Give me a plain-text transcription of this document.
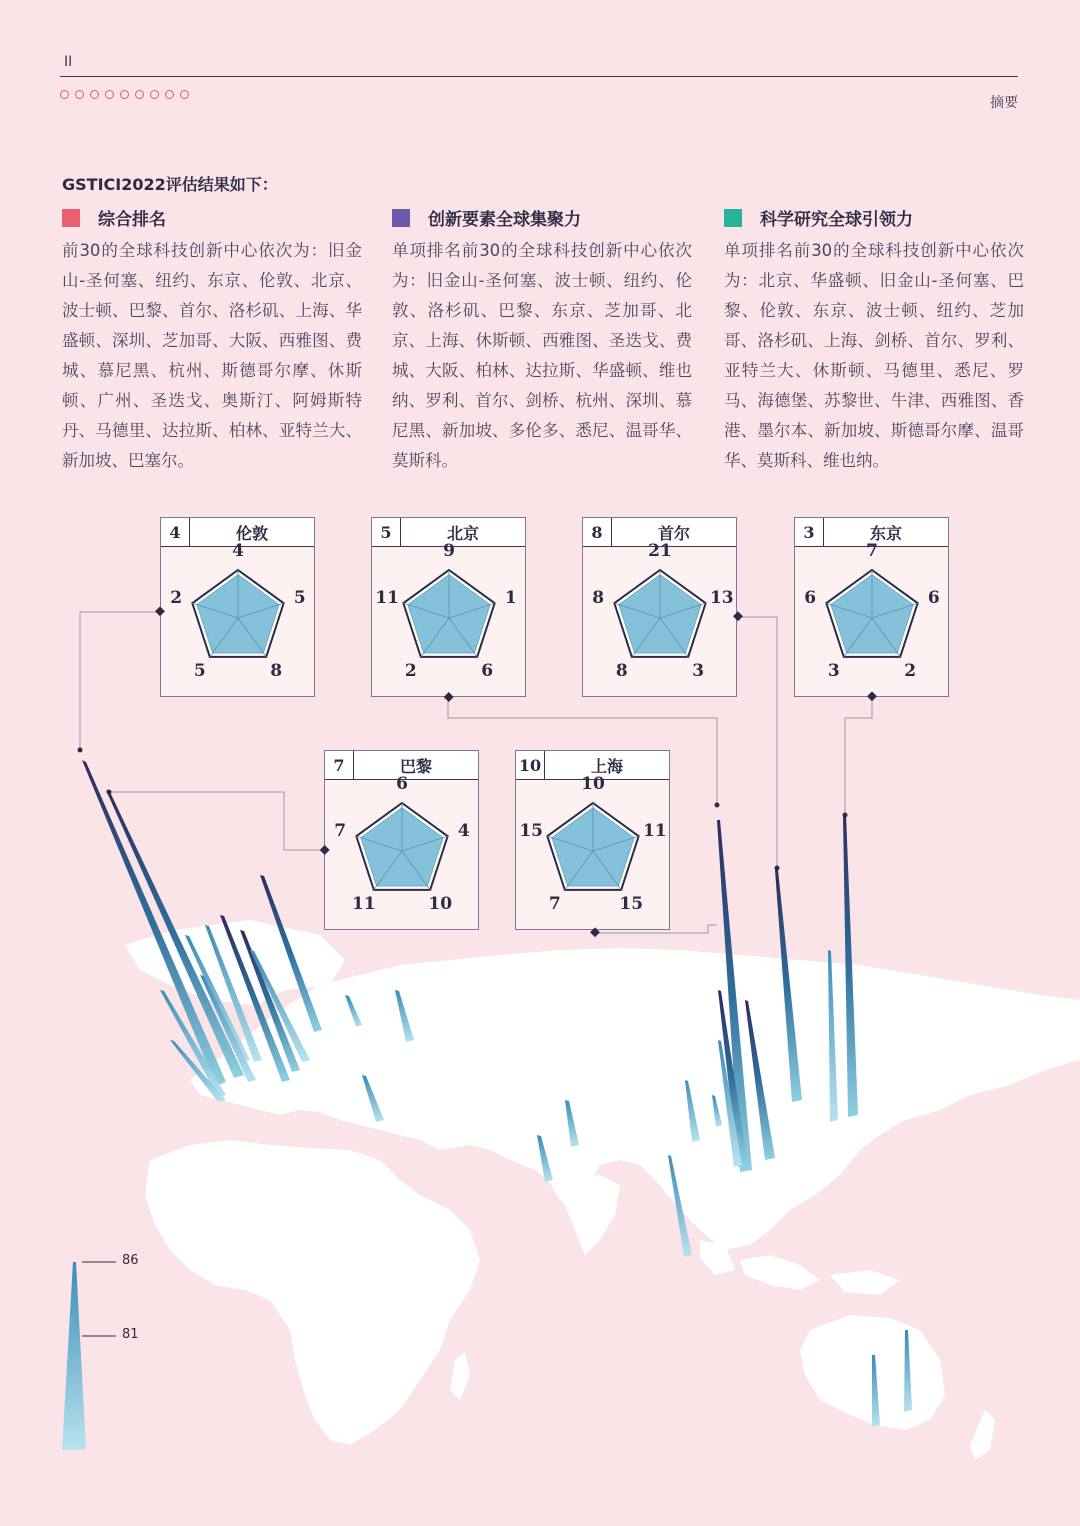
II
摘要
GSTICI2022评估结果如下：
综合排名

前30的全球科技创新中心依次为：旧金山-圣何塞、纽约、东京、伦敦、北京、波士顿、巴黎、首尔、洛杉矶、上海、华盛顿、深圳、芝加哥、大阪、西雅图、费城、慕尼黑、杭州、斯德哥尔摩、休斯顿、广州、圣迭戈、奥斯汀、阿姆斯特丹、马德里、达拉斯、柏林、亚特兰大、新加坡、巴塞尔。

创新要素全球集聚力

单项排名前30的全球科技创新中心依次为：旧金山-圣何塞、波士顿、纽约、伦敦、洛杉矶、巴黎、东京、芝加哥、北京、上海、休斯顿、西雅图、圣迭戈、费城、大阪、柏林、达拉斯、华盛顿、维也纳、罗利、首尔、剑桥、杭州、深圳、慕尼黑、新加坡、多伦多、悉尼、温哥华、莫斯科。

科学研究全球引领力

单项排名前30的全球科技创新中心依次为：北京、华盛顿、旧金山-圣何塞、巴黎、伦敦、东京、波士顿、纽约、芝加哥、洛杉矶、上海、剑桥、首尔、罗利、亚特兰大、休斯顿、马德里、悉尼、罗马、海德堡、苏黎世、牛津、西雅图、香港、墨尔本、新加坡、斯德哥尔摩、温哥华、莫斯科、维也纳。

86
81
4	伦敦
4
5
8
5
2
5	北京
9
1
6
2
11
8	首尔
21
13
3
8
8
3	东京
7
6
2
3
6
7	巴黎
6
4
10
11
7
10	上海
10
11
15
7
15
